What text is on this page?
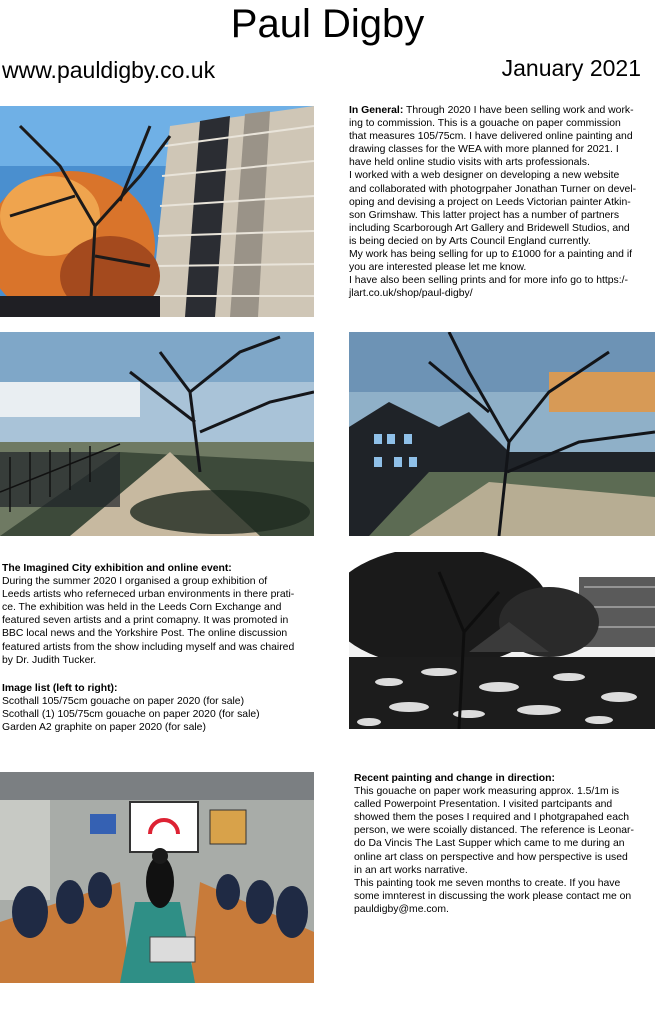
Paul Digby
www.pauldigby.co.uk	January 2021

In General: Through 2020 I have been selling work and work-

ing to commission. This is a gouache on paper commission

that measures 105/75cm. I have delivered online painting and

drawing classes for the WEA with more planned for 2021. I

have held online studio visits with arts professionals.

I worked with a web designer on developing a new website

and collaborated with photogrpaher Jonathan Turner on devel-

oping and devising a project on Leeds Victorian painter Atkin-

son Grimshaw. This latter project has a number of partners

including Scarborough Art Gallery and Bridewell Studios, and

is being decied on by Arts Council England currently.

My work has being selling for up to £1000 for a painting and if

you are interested please let me know.

I have also been selling prints and for more info go to https:/-

jlart.co.uk/shop/paul-digby/

The Imagined City exhibition and online event:

During the summer 2020 I organised a group exhibition of

Leeds artists who referneced urban environments in there prati-

ce. The exhibition was held in the Leeds Corn Exchange and

featured seven artists and a print comapny. It was promoted in

BBC local news and the Yorkshire Post. The online discussion

featured artists from the show including myself and was chaired

by Dr. Judith Tucker.

Image list (left to right):

Scothall 105/75cm gouache on paper 2020 (for sale)

Scothall (1) 105/75cm gouache on paper 2020 (for sale)

Garden A2 graphite on paper 2020 (for sale)

Recent painting and change in direction:

This gouache on paper work measuring approx. 1.5/1m is

called Powerpoint Presentation. I visited partcipants and

showed them the poses I required and I photgrapahed each

person, we were scoially distanced. The reference is Leonar-

do Da Vincis The Last Supper which came to me during an

online art class on perspective and how perspective is used

in an art works narrative.

This painting took me seven months to create. If you have

some imnterest in discussing the work please contact me on

pauldigby@me.com.
